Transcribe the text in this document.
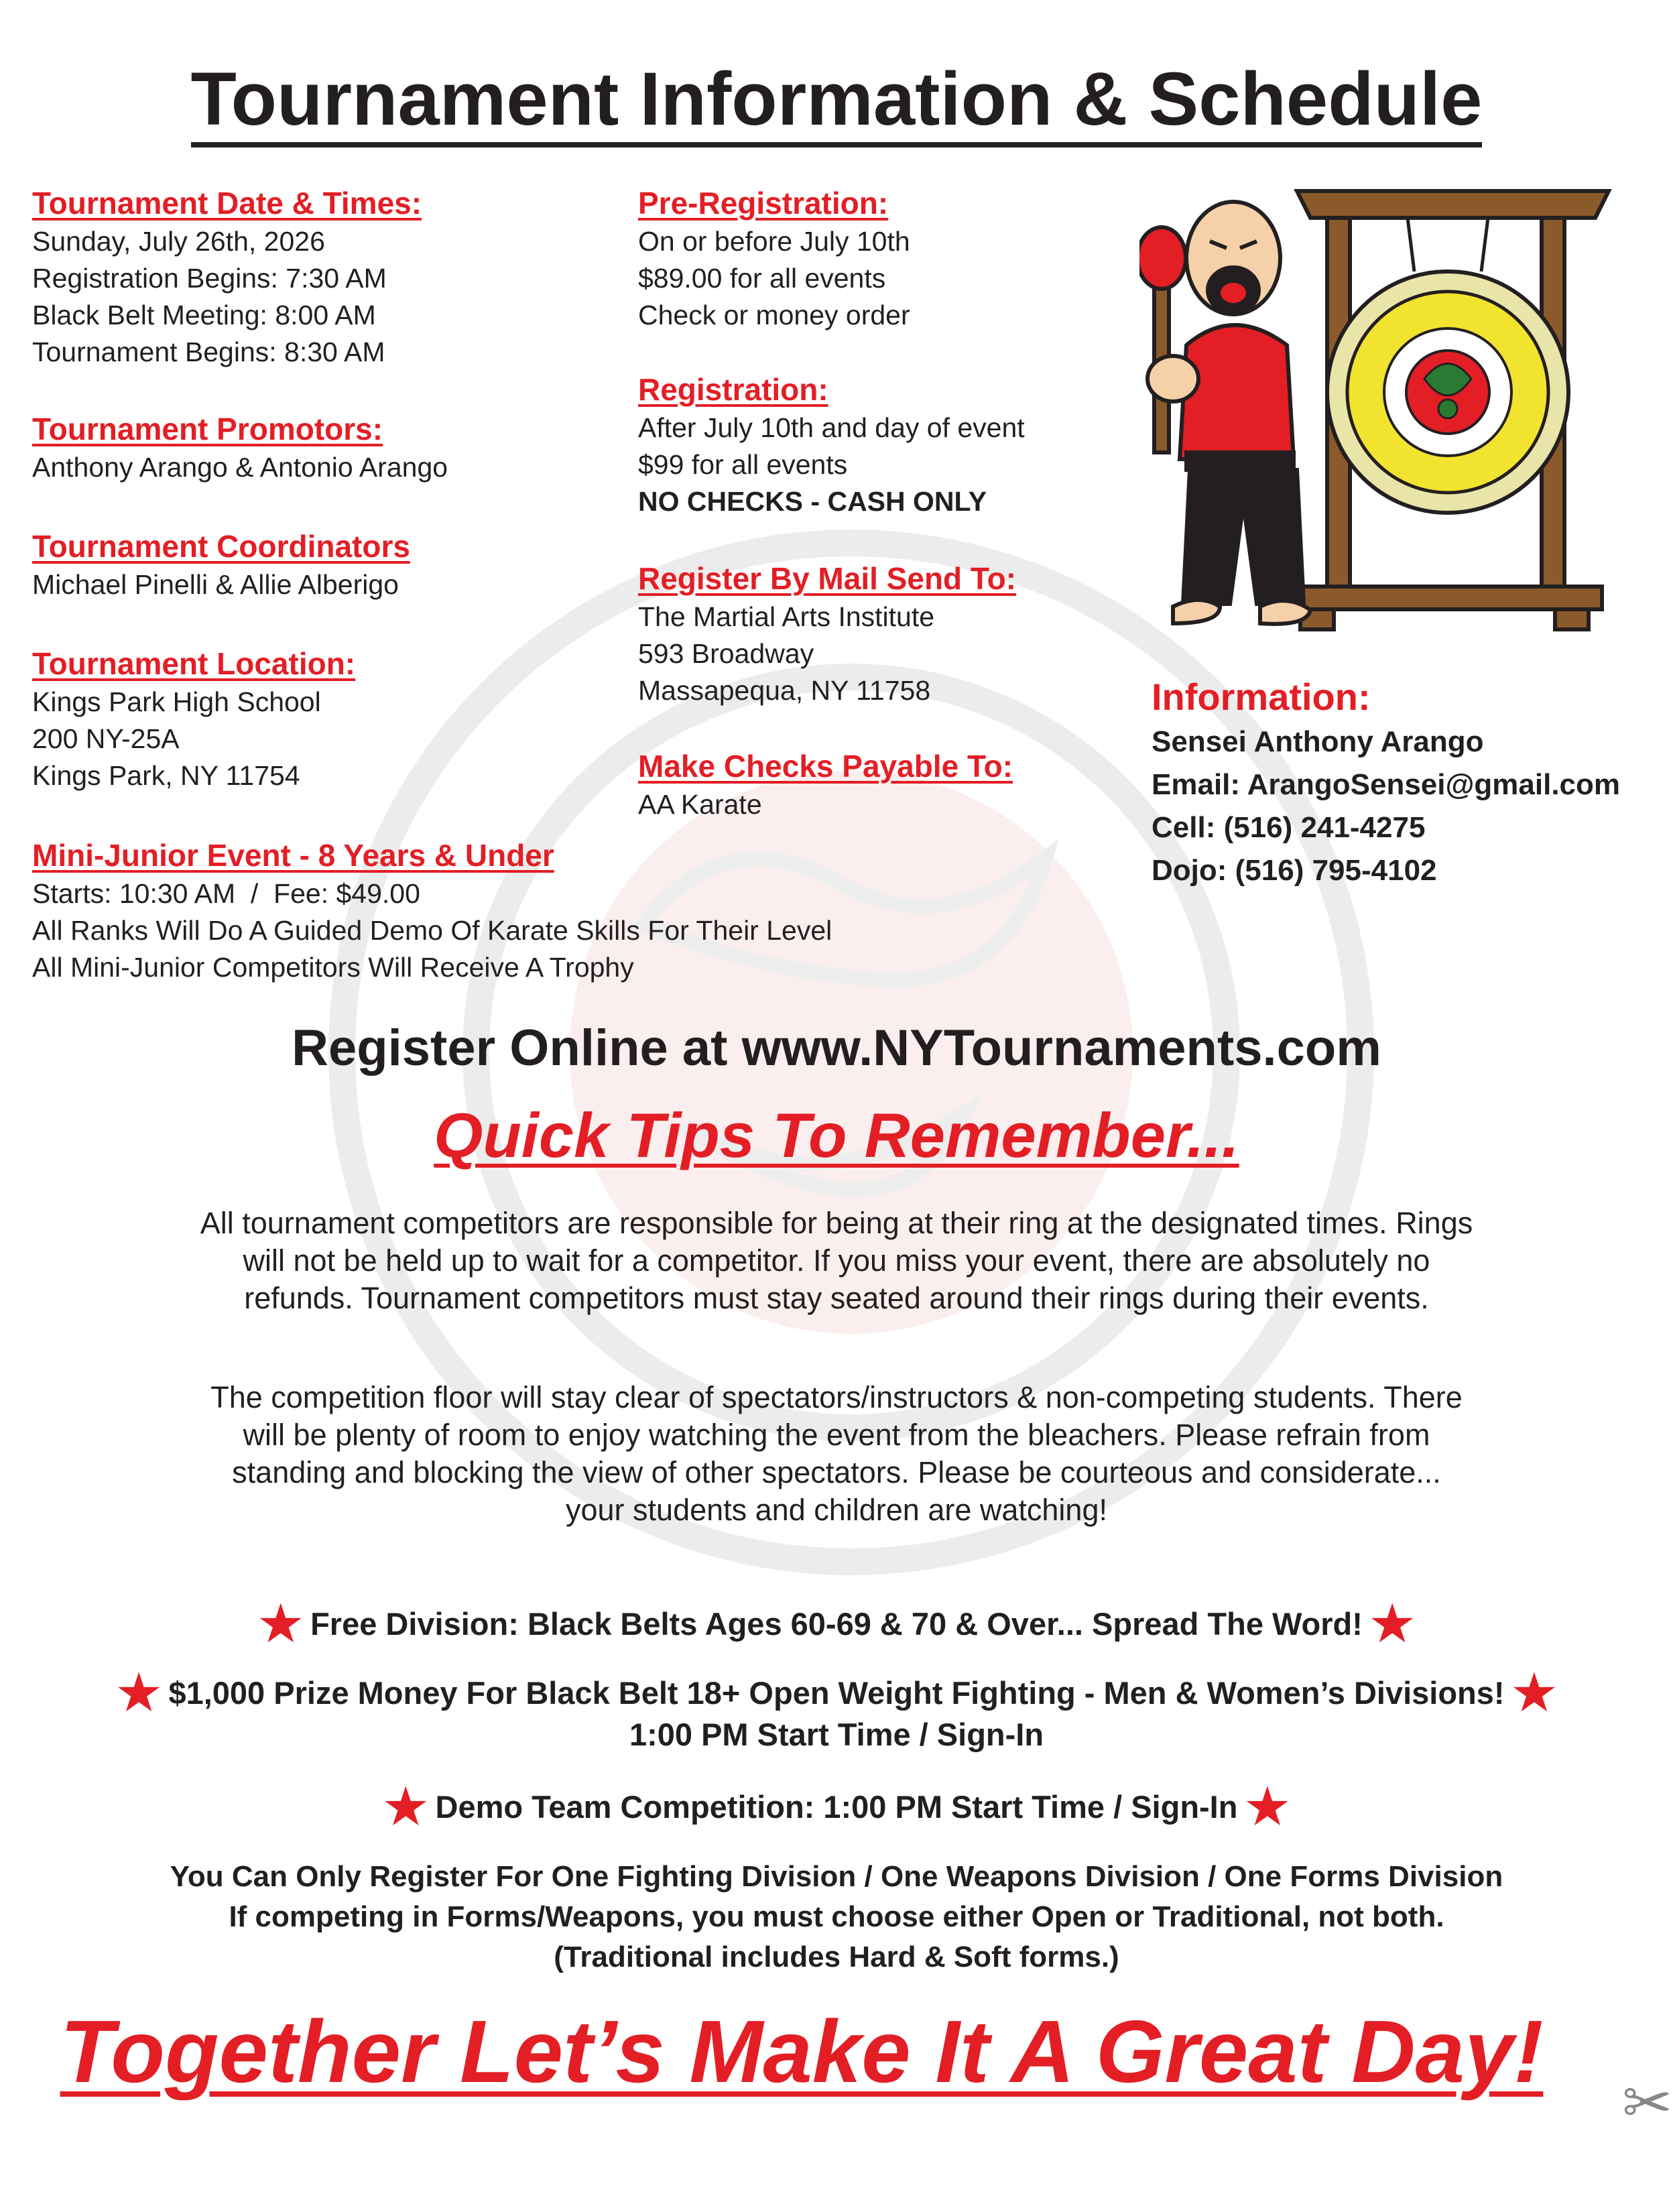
Tournament Information & Schedule
Tournament Date & Times:
Sunday, July 26th, 2026
Registration Begins: 7:30 AM
Black Belt Meeting: 8:00 AM
Tournament Begins: 8:30 AM
Tournament Promotors:
Anthony Arango & Antonio Arango
Tournament Coordinators
Michael Pinelli & Allie Alberigo
Tournament Location:
Kings Park High School
200 NY-25A
Kings Park, NY 11754
Mini-Junior Event - 8 Years & Under
Starts: 10:30 AM  /  Fee: $49.00
All Ranks Will Do A Guided Demo Of Karate Skills For Their Level
All Mini-Junior Competitors Will Receive A Trophy
Pre-Registration:
On or before July 10th
$89.00 for all events
Check or money order
Registration:
After July 10th and day of event
$99 for all events
NO CHECKS - CASH ONLY
Register By Mail Send To:
The Martial Arts Institute
593 Broadway
Massapequa, NY 11758
Make Checks Payable To:
AA Karate
Information:
Sensei Anthony Arango
Email: ArangoSensei@gmail.com
Cell: (516) 241-4275
Dojo: (516) 795-4102
Register Online at www.NYTournaments.com
Quick Tips To Remember...
All tournament competitors are responsible for being at their ring at the designated times. Rings
will not be held up to wait for a competitor. If you miss your event, there are absolutely no
refunds. Tournament competitors must stay seated around their rings during their events.
The competition floor will stay clear of spectators/instructors & non-competing students. There
will be plenty of room to enjoy watching the event from the bleachers. Please refrain from
standing and blocking the view of other spectators. Please be courteous and considerate...
your students and children are watching!
★ Free Division: Black Belts Ages 60-69 & 70 & Over... Spread The Word! ★
★ $1,000 Prize Money For Black Belt 18+ Open Weight Fighting - Men & Women’s Divisions! ★
1:00 PM Start Time / Sign-In
★ Demo Team Competition: 1:00 PM Start Time / Sign-In ★
You Can Only Register For One Fighting Division / One Weapons Division / One Forms Division
If competing in Forms/Weapons, you must choose either Open or Traditional, not both.
(Traditional includes Hard & Soft forms.)
Together Let’s Make It A Great Day!
✂
